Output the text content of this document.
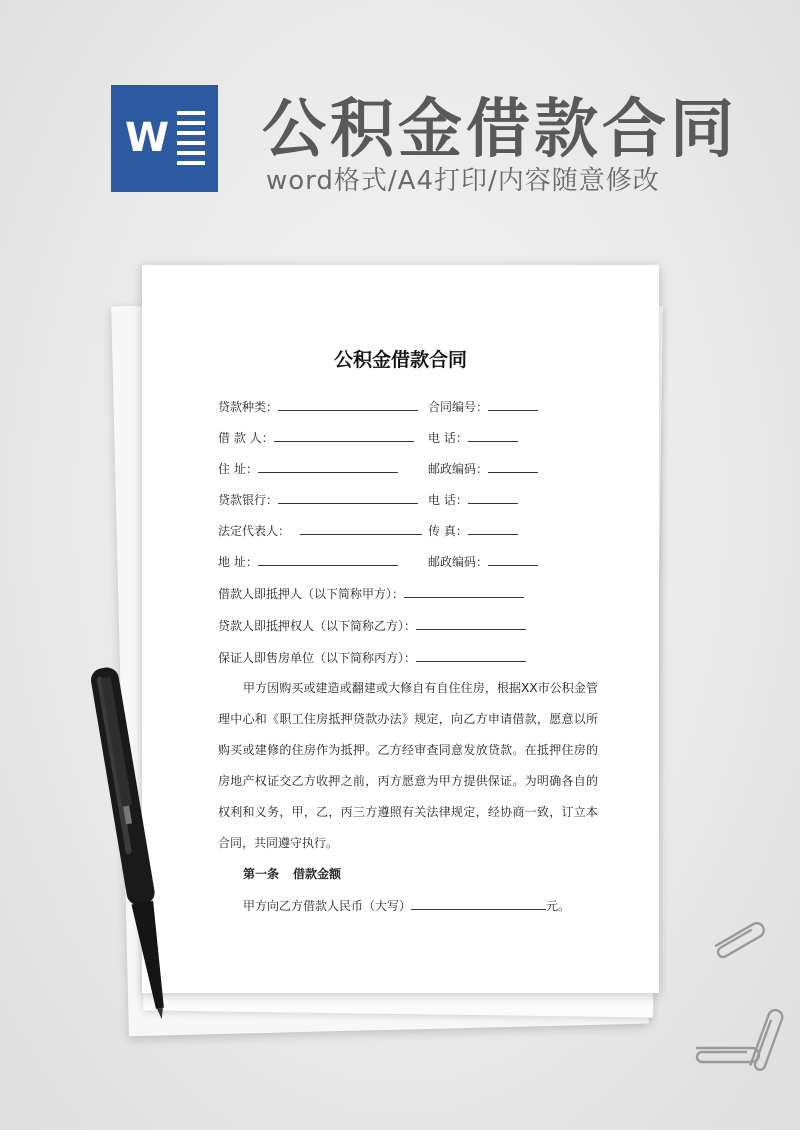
W 公积金借款合同

word格式/A4打印/内容随意修改

公积金借款合同
贷款种类：
借 款 人：
住 址：
贷款银行：
法定代表人：
地 址：
合同编号：
电 话：
邮政编码：
电 话：
传 真：
邮政编码：
借款人即抵押人（以下简称甲方）：
贷款人即抵押权人（以下简称乙方）：
保证人即售房单位（以下简称丙方）：

甲方因购买或建造或翻建或大修自有自住住房，根据XX市公积金管理中心和《职工住房抵押贷款办法》规定，向乙方申请借款，愿意以所购买或建修的住房作为抵押。乙方经审查同意发放贷款。在抵押住房的房地产权证交乙方收押之前，丙方愿意为甲方提供保证。为明确各自的权利和义务，甲，乙，丙三方遵照有关法律规定，经协商一致，订立本合同，共同遵守执行。

第一条 借款金额
甲方向乙方借款人民币（大写）	元。
